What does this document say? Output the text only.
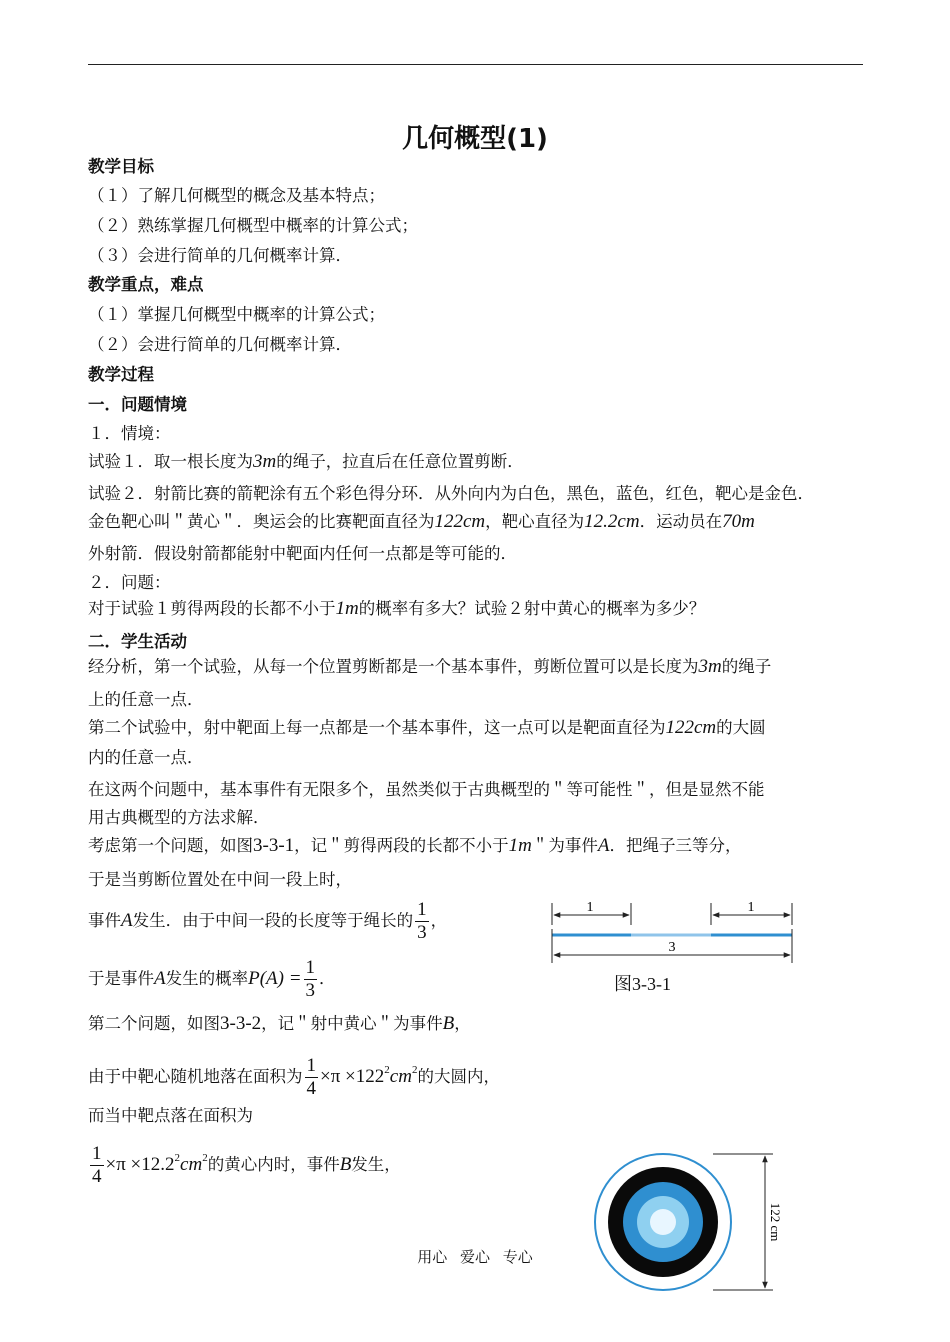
几何概型(1)
教学目标
（１）了解几何概型的概念及基本特点；
（２）熟练掌握几何概型中概率的计算公式；
（３）会进行简单的几何概率计算．
教学重点，难点
（１）掌握几何概型中概率的计算公式；
（２）会进行简单的几何概率计算．
教学过程
一．问题情境
１．情境：
试验１．取一根长度为3m的绳子，拉直后在任意位置剪断．
试验２．射箭比赛的箭靶涂有五个彩色得分环．从外向内为白色，黑色，蓝色，红色，靶心是金色．
金色靶心叫＂黄心＂．奥运会的比赛靶面直径为122cm，靶心直径为12.2cm．运动员在70m
外射箭．假设射箭都能射中靶面内任何一点都是等可能的．
２．问题：
对于试验１剪得两段的长都不小于1m的概率有多大？试验２射中黄心的概率为多少？
二．学生活动
经分析，第一个试验，从每一个位置剪断都是一个基本事件，剪断位置可以是长度为3m的绳子
上的任意一点．
第二个试验中，射中靶面上每一点都是一个基本事件，这一点可以是靶面直径为122cm的大圆
内的任意一点．
在这两个问题中，基本事件有无限多个，虽然类似于古典概型的＂等可能性＂，但是显然不能
用古典概型的方法求解．
考虑第一个问题，如图3-3-1，记＂剪得两段的长都不小于1m＂为事件A．把绳子三等分，
于是当剪断位置处在中间一段上时，
事件A发生．由于中间一段的长度等于绳长的 $\frac{1}{3}$ ，
于是事件A发生的概率$P(A) = \frac{1}{3}$ ．
第二个问题，如图3-3-2，记＂射中黄心＂为事件B，
由于中靶心随机地落在面积为 $\frac{1}{4} \times\pi \times 122^2cm^2$的大圆内，
而当中靶点落在面积为
$\frac{1}{4} \times\pi \times 12.2^2cm^2$的黄心内时，事件B发生，
1	1
3
图3-3-1
122 cm
用心 爱心 专心
